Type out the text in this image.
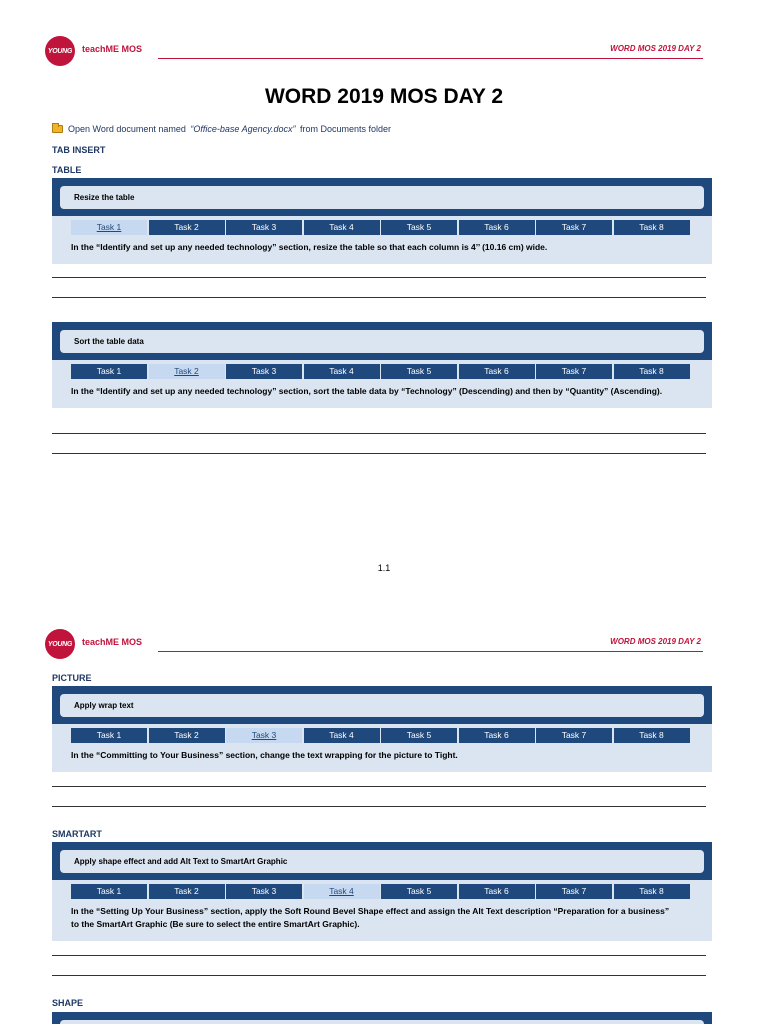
YOUNG	teachME MOS	WORD MOS 2019 DAY 2
WORD 2019 MOS DAY 2
Open Word document named
“Office-base Agency.docx”
from Documents folder
TAB INSERT
TABLE
Resize the table
Task 1	Task 2	Task 3	Task 4	Task 5	Task 6	Task 7	Task 8
In the “Identify and set up any needed technology” section, resize the table so that each column is 4’’ (10.16 cm) wide.
Sort the table data
Task 1	Task 2	Task 3	Task 4	Task 5	Task 6	Task 7	Task 8
In the “Identify and set up any needed technology” section, sort the table data by “Technology” (Descending) and then by “Quantity” (Ascending).
1.1
YOUNG	teachME MOS	WORD MOS 2019 DAY 2
PICTURE
Apply wrap text
Task 1	Task 2	Task 3	Task 4	Task 5	Task 6	Task 7	Task 8
In the “Committing to Your Business” section, change the text wrapping for the picture to Tight.
SMARTART
Apply shape effect and add Alt Text to SmartArt Graphic
Task 1	Task 2	Task 3	Task 4	Task 5	Task 6	Task 7	Task 8
In the “Setting Up Your Business” section, apply the Soft Round Bevel Shape effect and assign the Alt Text description “Preparation for a business” to the SmartArt Graphic (Be sure to select the entire SmartArt Graphic).
SHAPE
